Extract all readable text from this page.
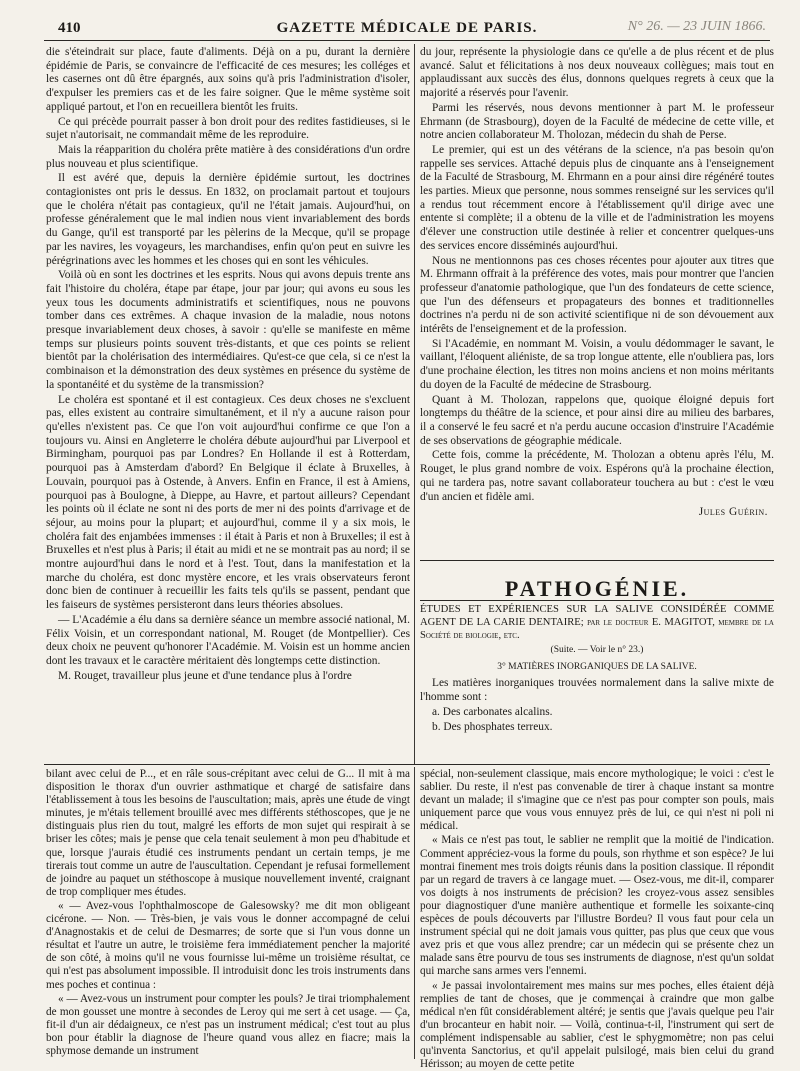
410	GAZETTE MÉDICALE DE PARIS.	N° 26. — 23 JUIN 1866.

die s'éteindrait sur place, faute d'aliments. Déjà on a pu, durant la dernière épidémie de Paris, se convaincre de l'efficacité de ces mesures; les colléges et les casernes ont dû être épargnés, aux soins qu'à pris l'administration d'isoler, d'expulser les premiers cas et de les faire soigner. Que le même système soit appliqué partout, et l'on en recueillera bientôt les fruits.

Ce qui précède pourrait passer à bon droit pour des redites fastidieuses, si le sujet n'autorisait, ne commandait même de les reproduire.

Mais la réapparition du choléra prête matière à des considérations d'un ordre plus nouveau et plus scientifique.

Il est avéré que, depuis la dernière épidémie surtout, les doctrines contagionistes ont pris le dessus. En 1832, on proclamait partout et toujours que le choléra n'était pas contagieux, qu'il ne l'était jamais. Aujourd'hui, on professe généralement que le mal indien nous vient invariablement des bords du Gange, qu'il est transporté par les pèlerins de la Mecque, qu'il se propage par les navires, les voyageurs, les marchandises, enfin qu'on peut en suivre les pérégrinations avec les hommes et les choses qui en sont les véhicules.

Voilà où en sont les doctrines et les esprits. Nous qui avons depuis trente ans fait l'histoire du choléra, étape par étape, jour par jour; qui avons eu sous les yeux tous les documents administratifs et scientifiques, nous ne pouvons tomber dans ces extrêmes. A chaque invasion de la maladie, nous notons presque invariablement deux choses, à savoir : qu'elle se manifeste en même temps sur plusieurs points souvent très-distants, et que ces points se relient bientôt par la cholérisation des intermédiaires. Qu'est-ce que cela, si ce n'est la combinaison et la démonstration des deux systèmes en présence du système de la spontanéité et du système de la transmission?

Le choléra est spontané et il est contagieux. Ces deux choses ne s'excluent pas, elles existent au contraire simultanément, et il n'y a aucune raison pour qu'elles n'existent pas. Ce que l'on voit aujourd'hui confirme ce que l'on a toujours vu. Ainsi en Angleterre le choléra débute aujourd'hui par Liverpool et Birmingham, pourquoi pas par Londres? En Hollande il est à Rotterdam, pourquoi pas à Amsterdam d'abord? En Belgique il éclate à Bruxelles, à Louvain, pourquoi pas à Ostende, à Anvers. Enfin en France, il est à Amiens, pourquoi pas à Boulogne, à Dieppe, au Havre, et partout ailleurs? Cependant les points où il éclate ne sont ni des ports de mer ni des points d'arrivage et de séjour, au moins pour la plupart; et aujourd'hui, comme il y a six mois, le choléra fait des enjambées immenses : il était à Paris et non à Bruxelles; il est à Bruxelles et n'est plus à Paris; il était au midi et ne se montrait pas au nord; il se montre aujourd'hui dans le nord et à l'est. Tout, dans la manifestation et la marche du choléra, est donc mystère encore, et les vrais observateurs feront donc bien de continuer à recueillir les faits tels qu'ils se passent, pendant que les faiseurs de systèmes persisteront dans leurs théories absolues.

— L'Académie a élu dans sa dernière séance un membre associé national, M. Félix Voisin, et un correspondant national, M. Rouget (de Montpellier). Ces deux choix ne peuvent qu'honorer l'Académie. M. Voisin est un homme ancien dont les travaux et le caractère méritaient dès longtemps cette distinction.

M. Rouget, travailleur plus jeune et d'une tendance plus à l'ordre

du jour, représente la physiologie dans ce qu'elle a de plus récent et de plus avancé. Salut et félicitations à nos deux nouveaux collègues; mais tout en applaudissant aux succès des élus, donnons quelques regrets à ceux que la majorité a réservés pour l'avenir.

Parmi les réservés, nous devons mentionner à part M. le professeur Ehrmann (de Strasbourg), doyen de la Faculté de médecine de cette ville, et notre ancien collaborateur M. Tholozan, médecin du shah de Perse.

Le premier, qui est un des vétérans de la science, n'a pas besoin qu'on rappelle ses services. Attaché depuis plus de cinquante ans à l'enseignement de la Faculté de Strasbourg, M. Ehrmann en a pour ainsi dire régénéré toutes les parties. Mieux que personne, nous sommes renseigné sur les services qu'il a rendus tout récemment encore à l'établissement qu'il dirige avec une entente si complète; il a obtenu de la ville et de l'administration les moyens d'élever une construction utile destinée à relier et concentrer quelques-uns des services encore disséminés aujourd'hui.

Nous ne mentionnons pas ces choses récentes pour ajouter aux titres que M. Ehrmann offrait à la préférence des votes, mais pour montrer que l'ancien professeur d'anatomie pathologique, que l'un des fondateurs de cette science, que l'un des défenseurs et propagateurs des bonnes et traditionnelles doctrines n'a perdu ni de son activité scientifique ni de son dévouement aux intérêts de l'enseignement et de la profession.

Si l'Académie, en nommant M. Voisin, a voulu dédommager le savant, le vaillant, l'éloquent aliéniste, de sa trop longue attente, elle n'oubliera pas, lors d'une prochaine élection, les titres non moins anciens et non moins méritants du doyen de la Faculté de médecine de Strasbourg.

Quant à M. Tholozan, rappelons que, quoique éloigné depuis fort longtemps du théâtre de la science, et pour ainsi dire au milieu des barbares, il a conservé le feu sacré et n'a perdu aucune occasion d'instruire l'Académie de ses observations de géographie médicale.

Cette fois, comme la précédente, M. Tholozan a obtenu après l'élu, M. Rouget, le plus grand nombre de voix. Espérons qu'à la prochaine élection, qui ne tardera pas, notre savant collaborateur touchera au but : c'est le vœu d'un ancien et fidèle ami.

Jules Guérin.
PATHOGÉNIE.

ÉTUDES ET EXPÉRIENCES SUR LA SALIVE CONSIDÉRÉE COMME AGENT DE LA CARIE DENTAIRE; par le docteur E. MAGITOT, membre de la Société de biologie, etc.

(Suite. — Voir le n° 23.)

3° MATIÈRES INORGANIQUES DE LA SALIVE.

Les matières inorganiques trouvées normalement dans la salive mixte de l'homme sont :

a. Des carbonates alcalins.

b. Des phosphates terreux.

bilant avec celui de P..., et en râle sous-crépitant avec celui de G... Il mit à ma disposition le thorax d'un ouvrier asthmatique et chargé de satisfaire dans l'établissement à tous les besoins de l'auscultation; mais, après une étude de vingt minutes, je m'étais tellement brouillé avec mes différents stéthoscopes, que je ne distinguais plus rien du tout, malgré les efforts de mon sujet qui respirait à se briser les côtes; mais je pense que cela tenait seulement à mon peu d'habitude et que, lorsque j'aurais étudié ces instruments pendant un certain temps, je me tirerais tout comme un autre de l'auscultation. Cependant je refusai formellement de joindre au paquet un stéthoscope à musique nouvellement inventé, craignant de trop compliquer mes études.

« — Avez-vous l'ophthalmoscope de Galesowsky? me dit mon obligeant cicérone. — Non. — Très-bien, je vais vous le donner accompagné de celui d'Anagnostakis et de celui de Desmarres; de sorte que si l'un vous donne un résultat et l'autre un autre, le troisième fera immédiatement pencher la majorité de son côté, à moins qu'il ne vous fournisse lui-même un troisième résultat, ce qui n'est pas absolument impossible. Il introduisit donc les trois instruments dans mes poches et continua :

« — Avez-vous un instrument pour compter les pouls? Je tirai triomphalement de mon gousset une montre à secondes de Leroy qui me sert à cet usage. — Ça, fit-il d'un air dédaigneux, ce n'est pas un instrument médical; c'est tout au plus bon pour établir la diagnose de l'heure quand vous allez en fiacre; mais la sphymose demande un instrument

spécial, non-seulement classique, mais encore mythologique; le voici : c'est le sablier. Du reste, il n'est pas convenable de tirer à chaque instant sa montre devant un malade; il s'imagine que ce n'est pas pour compter son pouls, mais uniquement parce que vous vous ennuyez près de lui, ce qui n'est ni poli ni médical.

« Mais ce n'est pas tout, le sablier ne remplit que la moitié de l'indication. Comment appréciez-vous la forme du pouls, son rhythme et son espèce? Je lui montrai finement mes trois doigts réunis dans la position classique. Il répondit par un regard de travers à ce langage muet. — Osez-vous, me dit-il, comparer vos doigts à nos instruments de précision? les croyez-vous assez sensibles pour diagnostiquer d'une manière authentique et formelle les soixante-cinq espèces de pouls découverts par l'illustre Bordeu? Il vous faut pour cela un instrument spécial qui ne doit jamais vous quitter, pas plus que ceux que vous avez pris et que vous allez prendre; car un médecin qui se présente chez un malade sans être pourvu de tous ses instruments de diagnose, n'est qu'un soldat qui marche sans armes vers l'ennemi.

« Je passai involontairement mes mains sur mes poches, elles étaient déjà remplies de tant de choses, que je commençai à craindre que mon galbe médical n'en fût considérablement altéré; je sentis que j'avais quelque peu l'air d'un brocanteur en habit noir. — Voilà, continua-t-il, l'instrument qui sert de complément indispensable au sablier, c'est le sphygmomètre; non pas celui qu'inventa Sanctorius, et qu'il appelait pulsilogé, mais bien celui du grand Hérisson; au moyen de cette petite
